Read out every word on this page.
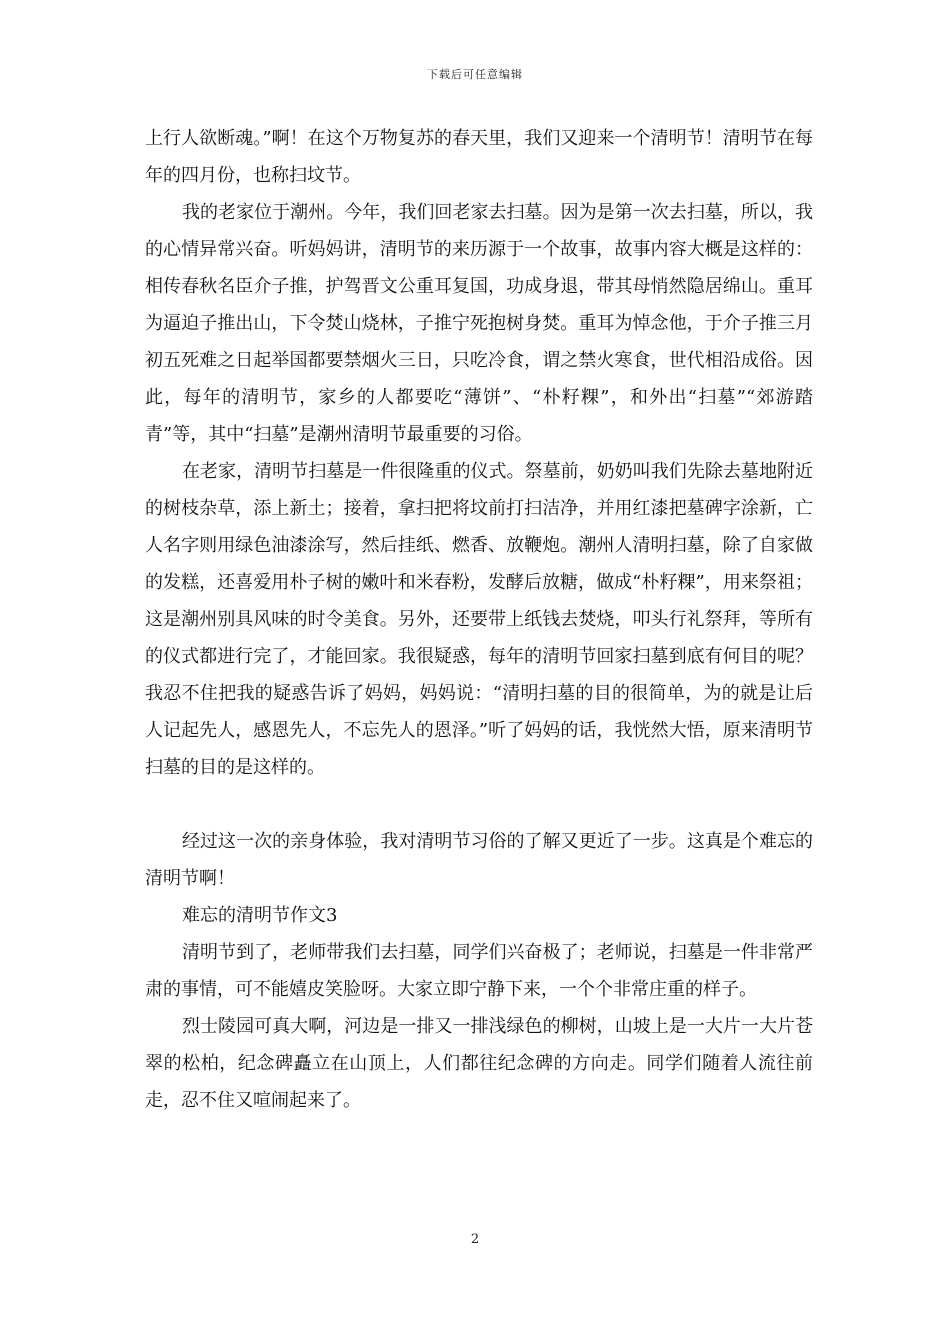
下载后可任意编辑

上行人欲断魂。”啊！在这个万物复苏的春天里，我们又迎来一个清明节！清明节在每年的四月份，也称扫坟节。

我的老家位于潮州。今年，我们回老家去扫墓。因为是第一次去扫墓，所以，我的心情异常兴奋。听妈妈讲，清明节的来历源于一个故事，故事内容大概是这样的：相传春秋名臣介子推，护驾晋文公重耳复国，功成身退，带其母悄然隐居绵山。重耳为逼迫子推出山，下令焚山烧林，子推宁死抱树身焚。重耳为悼念他，于介子推三月初五死难之日起举国都要禁烟火三日，只吃冷食，谓之禁火寒食，世代相沿成俗。因此，每年的清明节，家乡的人都要吃“薄饼”、“朴籽粿”，和外出“扫墓”“郊游踏青”等，其中“扫墓”是潮州清明节最重要的习俗。

在老家，清明节扫墓是一件很隆重的仪式。祭墓前，奶奶叫我们先除去墓地附近的树枝杂草，添上新土；接着，拿扫把将坟前打扫洁净，并用红漆把墓碑字涂新，亡人名字则用绿色油漆涂写，然后挂纸、燃香、放鞭炮。潮州人清明扫墓，除了自家做的发糕，还喜爱用朴子树的嫩叶和米春粉，发酵后放糖，做成“朴籽粿”，用来祭祖；这是潮州别具风味的时令美食。另外，还要带上纸钱去焚烧，叩头行礼祭拜，等所有的仪式都进行完了，才能回家。我很疑惑，每年的清明节回家扫墓到底有何目的呢？我忍不住把我的疑惑告诉了妈妈，妈妈说：“清明扫墓的目的很简单，为的就是让后人记起先人，感恩先人，不忘先人的恩泽。”听了妈妈的话，我恍然大悟，原来清明节扫墓的目的是这样的。

经过这一次的亲身体验，我对清明节习俗的了解又更近了一步。这真是个难忘的清明节啊！

难忘的清明节作文3

清明节到了，老师带我们去扫墓，同学们兴奋极了；老师说，扫墓是一件非常严肃的事情，可不能嬉皮笑脸呀。大家立即宁静下来，一个个非常庄重的样子。

烈士陵园可真大啊，河边是一排又一排浅绿色的柳树，山坡上是一大片一大片苍翠的松柏，纪念碑矗立在山顶上，人们都往纪念碑的方向走。同学们随着人流往前走，忍不住又喧闹起来了。

2
